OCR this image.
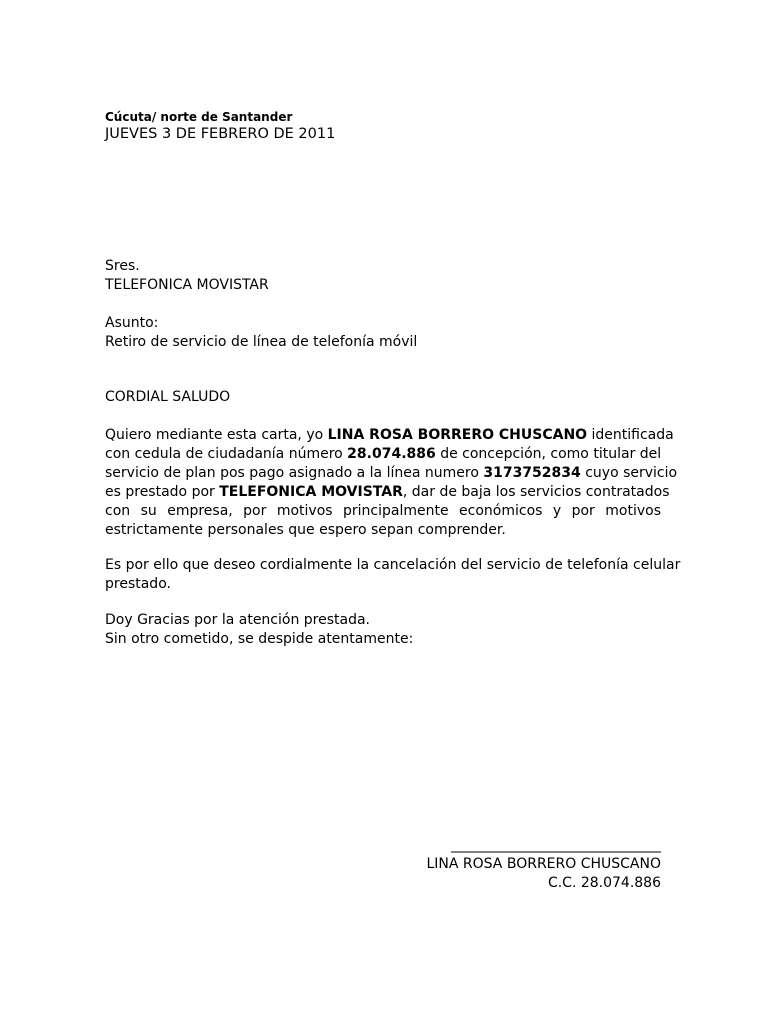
Cúcuta/ norte de Santander
JUEVES 3 DE FEBRERO DE 2011
Sres.
TELEFONICA MOVISTAR
Asunto:
Retiro de servicio de línea de telefonía móvil
CORDIAL SALUDO
Quiero mediante esta carta, yo LINA ROSA BORRERO CHUSCANO identificada
con cedula de ciudadanía número 28.074.886 de concepción, como titular del
servicio de plan pos pago asignado a la línea numero 3173752834 cuyo servicio
es prestado por TELEFONICA MOVISTAR, dar de baja los servicios contratados
con su empresa, por motivos principalmente económicos y por motivos
estrictamente personales que espero sepan comprender.
Es por ello que deseo cordialmente la cancelación del servicio de telefonía celular
prestado.
Doy Gracias por la atención prestada.
Sin otro cometido, se despide atentamente:
______________________________
LINA ROSA BORRERO CHUSCANO
C.C. 28.074.886
